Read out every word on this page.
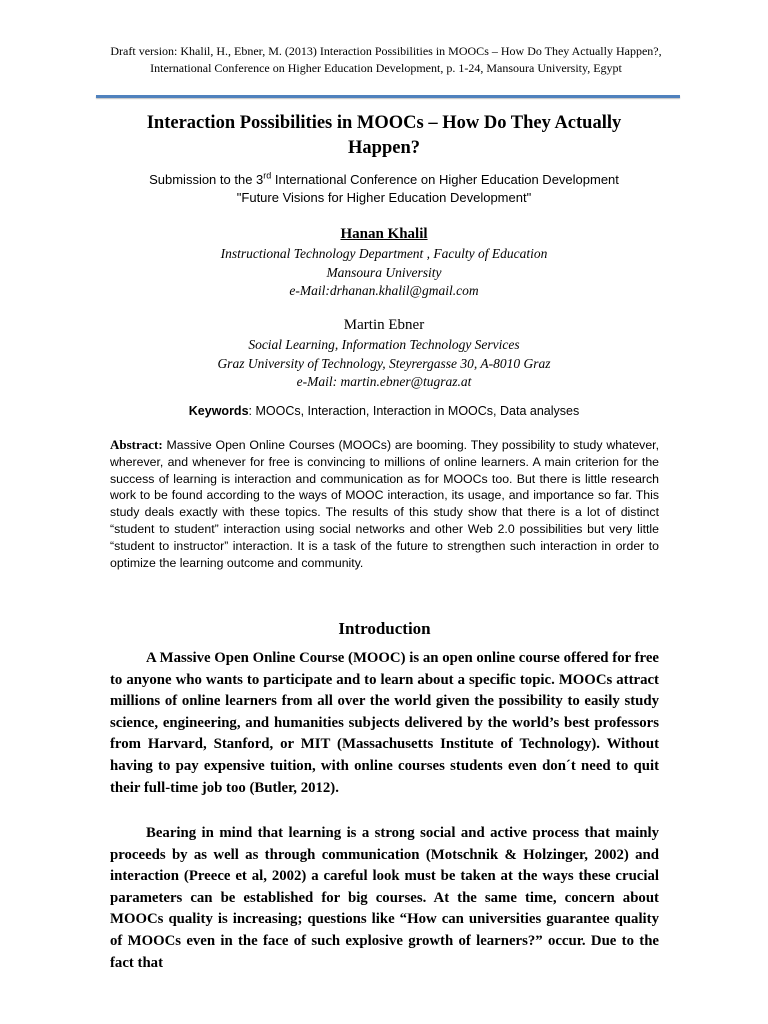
Draft version: Khalil, H., Ebner, M. (2013) Interaction Possibilities in MOOCs – How Do They Actually Happen?, International Conference on Higher Education Development, p. 1-24, Mansoura University, Egypt
Interaction Possibilities in MOOCs – How Do They Actually Happen?
Submission to the 3rd International Conference on Higher Education Development
"Future Visions for Higher Education Development"
Hanan Khalil
Instructional Technology Department , Faculty of Education
Mansoura University
e-Mail:drhanan.khalil@gmail.com
Martin Ebner
Social Learning, Information Technology Services
Graz University of Technology, Steyrergasse 30, A-8010 Graz
e-Mail: martin.ebner@tugraz.at
Keywords: MOOCs, Interaction, Interaction in MOOCs, Data analyses
Abstract: Massive Open Online Courses (MOOCs) are booming. They possibility to study whatever, wherever, and whenever for free is convincing to millions of online learners. A main criterion for the success of learning is interaction and communication as for MOOCs too. But there is little research work to be found according to the ways of MOOC interaction, its usage, and importance so far. This study deals exactly with these topics. The results of this study show that there is a lot of distinct “student to student” interaction using social networks and other Web 2.0 possibilities but very little “student to instructor” interaction. It is a task of the future to strengthen such interaction in order to optimize the learning outcome and community.
Introduction
A Massive Open Online Course (MOOC) is an open online course offered for free to anyone who wants to participate and to learn about a specific topic. MOOCs attract millions of online learners from all over the world given the possibility to easily study science, engineering, and humanities subjects delivered by the world’s best professors from Harvard, Stanford, or MIT (Massachusetts Institute of Technology). Without having to pay expensive tuition, with online courses students even don´t need to quit their full-time job too (Butler, 2012).
Bearing in mind that learning is a strong social and active process that mainly proceeds by as well as through communication (Motschnik & Holzinger, 2002) and interaction (Preece et al, 2002) a careful look must be taken at the ways these crucial parameters can be established for big courses. At the same time, concern about MOOCs quality is increasing; questions like “How can universities guarantee quality of MOOCs even in the face of such explosive growth of learners?” occur. Due to the fact that
